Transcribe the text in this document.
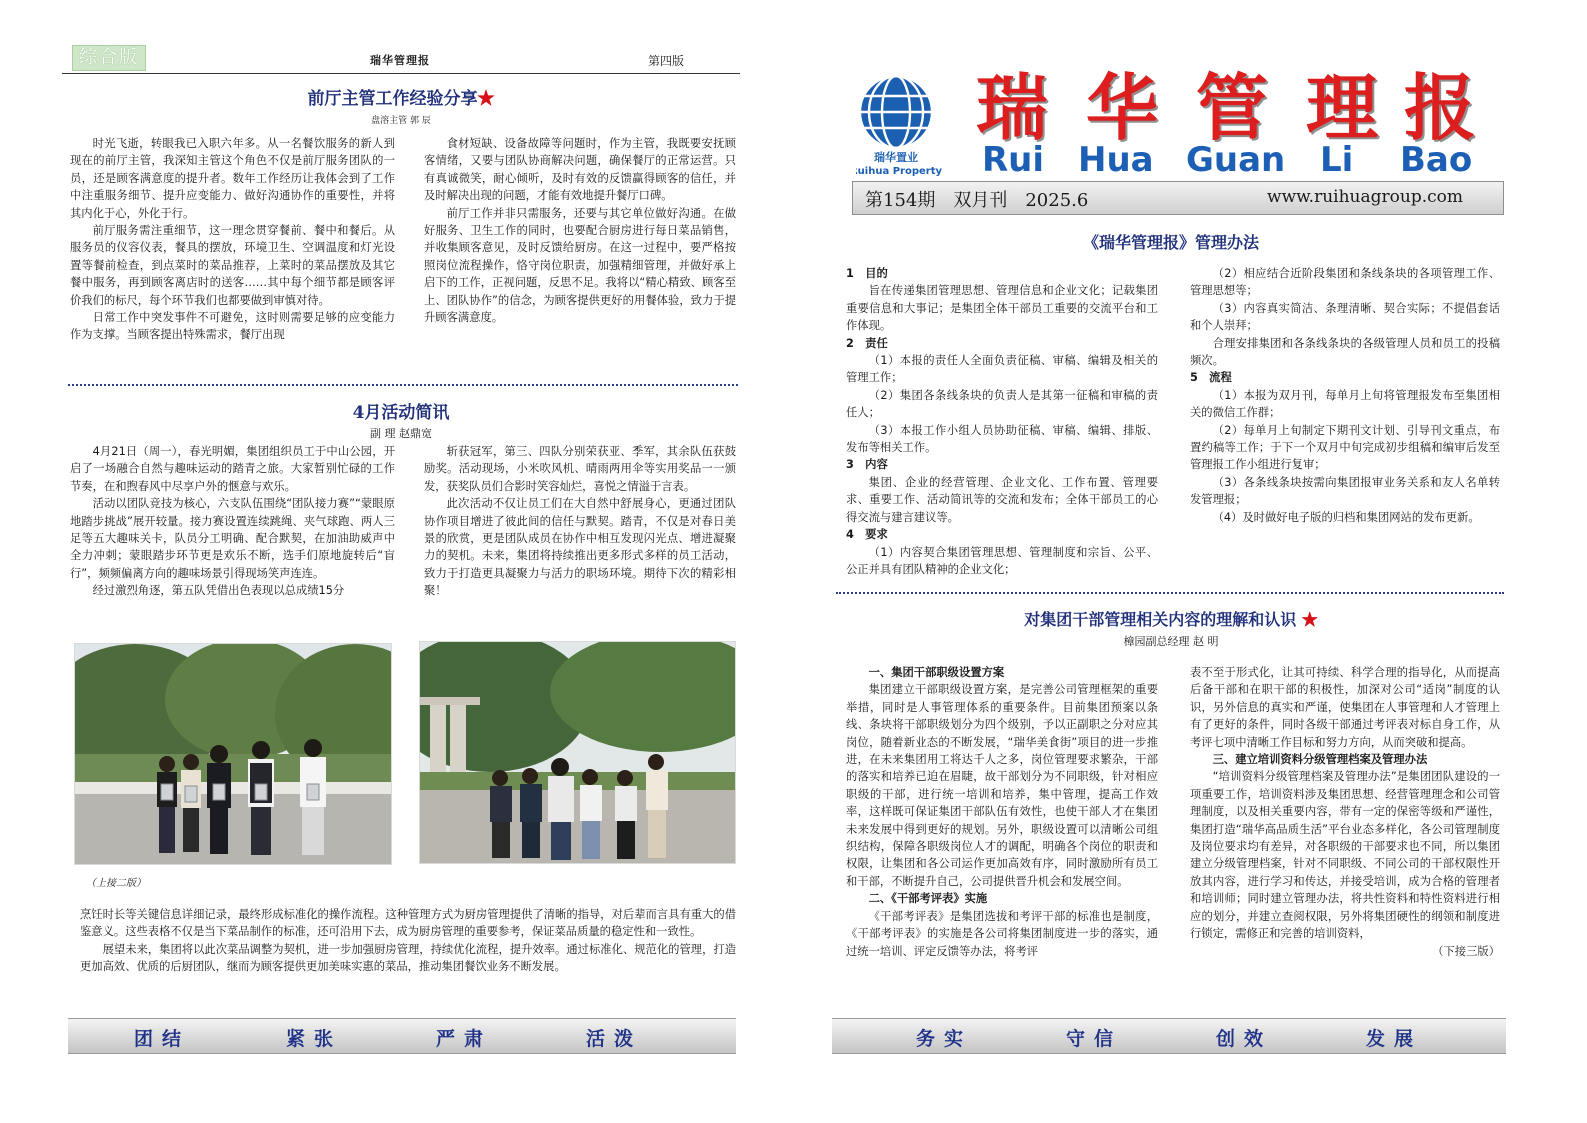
综合版	瑞华管理报	第四版
前厅主管工作经验分享★
盘溶主管 郭 辰

时光飞逝，转眼我已入职六年多。从一名餐饮服务的新人到现在的前厅主管，我深知主管这个角色不仅是前厅服务团队的一员，还是顾客满意度的提升者。数年工作经历让我体会到了工作中注重服务细节、提升应变能力、做好沟通协作的重要性，并将其内化于心，外化于行。

前厅服务需注重细节，这一理念贯穿餐前、餐中和餐后。从服务员的仪容仪表，餐具的摆放，环境卫生、空调温度和灯光设置等餐前检查，到点菜时的菜品推荐，上菜时的菜品摆放及其它餐中服务，再到顾客离店时的送客……其中每个细节都是顾客评价我们的标尺，每个环节我们也都要做到审慎对待。

日常工作中突发事件不可避免，这时则需要足够的应变能力作为支撑。当顾客提出特殊需求，餐厅出现

食材短缺、设备故障等问题时，作为主管，我既要安抚顾客情绪，又要与团队协商解决问题，确保餐厅的正常运营。只有真诚微笑，耐心倾听，及时有效的反馈赢得顾客的信任，并及时解决出现的问题，才能有效地提升餐厅口碑。

前厅工作并非只需服务，还要与其它单位做好沟通。在做好服务、卫生工作的同时，也要配合厨房进行每日菜品销售，并收集顾客意见，及时反馈给厨房。在这一过程中，要严格按照岗位流程操作，恪守岗位职责，加强精细管理，并做好承上启下的工作，正视问题，反思不足。我将以“精心精致、顾客至上、团队协作”的信念，为顾客提供更好的用餐体验，致力于提升顾客满意度。

4月活动简讯
副 理 赵鼎宽

4月21日（周一），春光明媚，集团组织员工于中山公园，开启了一场融合自然与趣味运动的踏青之旅。大家暂别忙碌的工作节奏，在和煦春风中尽享户外的惬意与欢乐。

活动以团队竞技为核心，六支队伍围绕“团队接力赛”“蒙眼原地踏步挑战”展开较量。接力赛设置连续跳绳、夹气球跑、两人三足等五大趣味关卡，队员分工明确、配合默契，在加油助威声中全力冲刺；蒙眼踏步环节更是欢乐不断，选手们原地旋转后“盲行”，频频偏离方向的趣味场景引得现场笑声连连。

经过激烈角逐，第五队凭借出色表现以总成绩15分

斩获冠军，第三、四队分别荣获亚、季军，其余队伍获鼓励奖。活动现场，小米吹风机、晴雨两用伞等实用奖品一一颁发，获奖队员们合影时笑容灿烂，喜悦之情溢于言表。

此次活动不仅让员工们在大自然中舒展身心，更通过团队协作项目增进了彼此间的信任与默契。踏青，不仅是对春日美景的欣赏，更是团队成员在协作中相互发现闪光点、增进凝聚力的契机。未来，集团将持续推出更多形式多样的员工活动，致力于打造更具凝聚力与活力的职场环境。期待下次的精彩相聚！

（上接二版）

烹饪时长等关键信息详细记录，最终形成标准化的操作流程。这种管理方式为厨房管理提供了清晰的指导，对后辈而言具有重大的借鉴意义。这些表格不仅是当下菜品制作的标准，还可沿用下去，成为厨房管理的重要参考，保证菜品质量的稳定性和一致性。

展望未来，集团将以此次菜品调整为契机，进一步加强厨房管理，持续优化流程，提升效率。通过标准化、规范化的管理，打造更加高效、优质的后厨团队，继而为顾客提供更加美味实惠的菜品，推动集团餐饮业务不断发展。

团结	紧张	严肃	活泼
瑞华置业
Ruihua Property
瑞 华 管 理 报
Rui Hua Guan Li Bao
第154期　双月刊　2025.6	www.ruihuagroup.com
《瑞华管理报》管理办法

1　目的

旨在传递集团管理思想、管理信息和企业文化；记载集团重要信息和大事记；是集团全体干部员工重要的交流平台和工作体现。

2　责任

（1）本报的责任人全面负责征稿、审稿、编辑及相关的管理工作；

（2）集团各条线条块的负责人是其第一征稿和审稿的责任人；

（3）本报工作小组人员协助征稿、审稿、编辑、排版、发布等相关工作。

3　内容

集团、企业的经营管理、企业文化、工作布置、管理要求、重要工作、活动简讯等的交流和发布；全体干部员工的心得交流与建言建议等。

4　要求

（1）内容契合集团管理思想、管理制度和宗旨、公平、公正并具有团队精神的企业文化；

（2）相应结合近阶段集团和条线条块的各项管理工作、管理思想等；

（3）内容真实简洁、条理清晰、契合实际；不提倡套话和个人崇拜；

合理安排集团和各条线条块的各级管理人员和员工的投稿频次。

5　流程

（1）本报为双月刊，每单月上旬将管理报发布至集团相关的微信工作群；

（2）每单月上旬制定下期刊文计划、引导刊文重点，布置约稿等工作；于下一个双月中旬完成初步组稿和编审后发至管理报工作小组进行复审；

（3）各条线条块按需向集团报审业务关系和友人名单转发管理报；

（4）及时做好电子版的归档和集团网站的发布更新。

对集团干部管理相关内容的理解和认识 ★
樟园副总经理 赵 明

一、集团干部职级设置方案

集团建立干部职级设置方案，是完善公司管理框架的重要举措，同时是人事管理体系的重要条件。目前集团预案以条线、条块将干部职级划分为四个级别，予以正副职之分对应其岗位，随着新业态的不断发展，“瑞华美食街”项目的进一步推进，在未来集团用工将达千人之多，岗位管理要求繁杂，干部的落实和培养已迫在眉睫，故干部划分为不同职级，针对相应职级的干部，进行统一培训和培养，集中管理，提高工作效率，这样既可保证集团干部队伍有效性，也使干部人才在集团未来发展中得到更好的规划。另外，职级设置可以清晰公司组织结构，保障各职级岗位人才的调配，明确各个岗位的职责和权限，让集团和各公司运作更加高效有序，同时激励所有员工和干部，不断提升自己，公司提供晋升机会和发展空间。

二、《干部考评表》实施

《干部考评表》是集团选拔和考评干部的标准也是制度，《干部考评表》的实施是各公司将集团制度进一步的落实，通过统一培训、评定反馈等办法，将考评

表不至于形式化，让其可持续、科学合理的指导化，从而提高后备干部和在职干部的积极性，加深对公司“适岗”制度的认识，另外信息的真实和严谨，使集团在人事管理和人才管理上有了更好的条件，同时各级干部通过考评表对标自身工作，从考评七项中清晰工作目标和努力方向，从而突破和提高。

三、建立培训资料分级管理档案及管理办法

“培训资料分级管理档案及管理办法”是集团团队建设的一项重要工作，培训资料涉及集团思想、经营管理理念和公司管理制度，以及相关重要内容，带有一定的保密等级和严谨性，集团打造“瑞华高品质生活”平台业态多样化，各公司管理制度及岗位要求均有差异，对各职级的干部要求也不同，所以集团建立分级管理档案，针对不同职级、不同公司的干部权限性开放其内容，进行学习和传达，并接受培训，成为合格的管理者和培训师；同时建立管理办法，将共性资料和特性资料进行相应的划分，并建立查阅权限，另外将集团硬性的纲领和制度进行锁定，需修正和完善的培训资料，

（下接三版）

务实	守信	创效	发展
